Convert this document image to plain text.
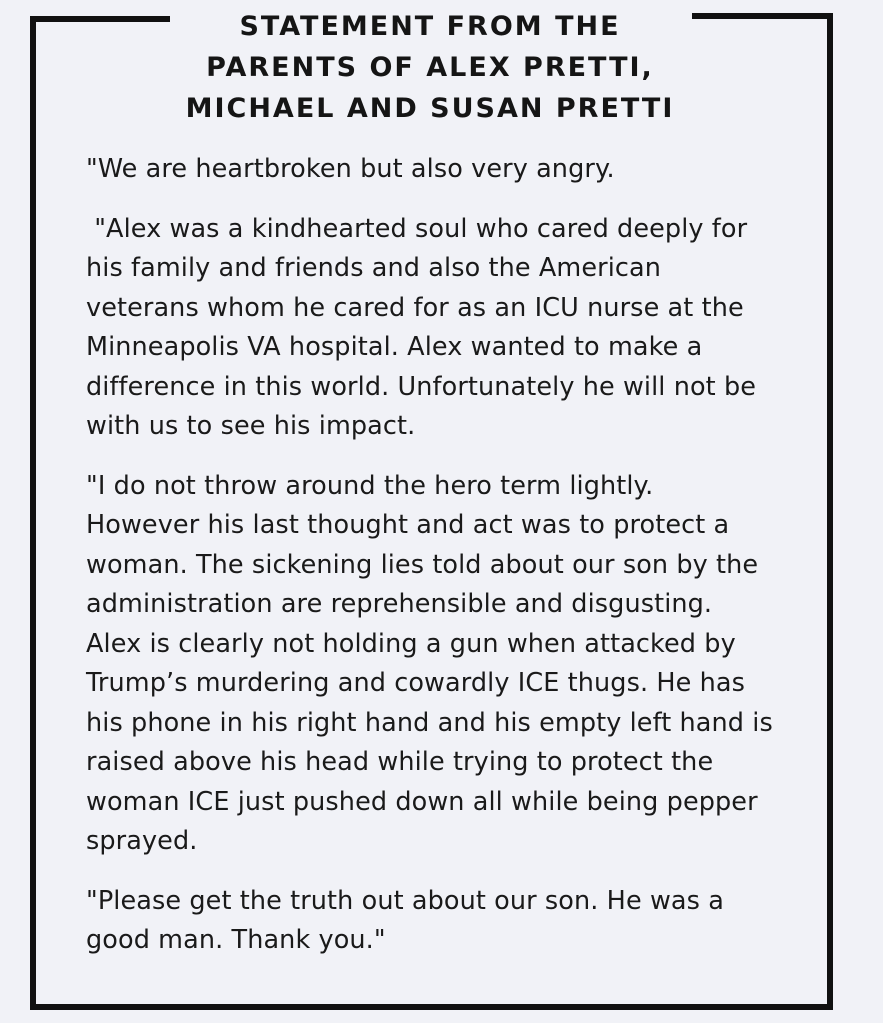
STATEMENT FROM THE
PARENTS OF ALEX PRETTI,
MICHAEL AND SUSAN PRETTI

"We are heartbroken but also very angry.

"Alex was a kindhearted soul who cared deeply for
his family and friends and also the American
veterans whom he cared for as an ICU nurse at the
Minneapolis VA hospital. Alex wanted to make a
difference in this world. Unfortunately he will not be
with us to see his impact.

"I do not throw around the hero term lightly.
However his last thought and act was to protect a
woman. The sickening lies told about our son by the
administration are reprehensible and disgusting.
Alex is clearly not holding a gun when attacked by
Trump’s murdering and cowardly ICE thugs. He has
his phone in his right hand and his empty left hand is
raised above his head while trying to protect the
woman ICE just pushed down all while being pepper
sprayed.

"Please get the truth out about our son. He was a
good man. Thank you."
